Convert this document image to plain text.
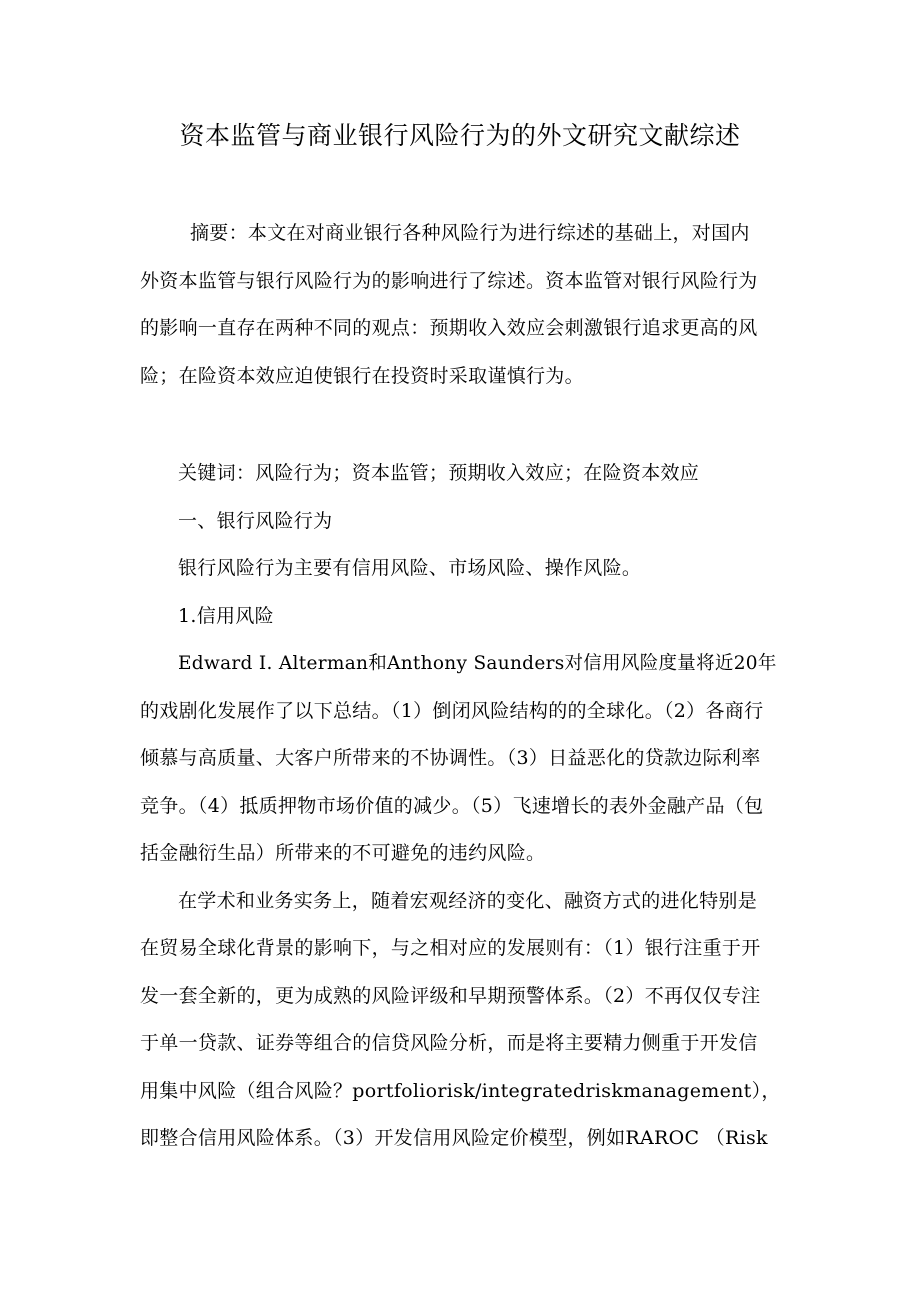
资本监管与商业银行风险行为的外文研究文献综述
摘要：本文在对商业银行各种风险行为进行综述的基础上，对国内
外资本监管与银行风险行为的影响进行了综述。资本监管对银行风险行为
的影响一直存在两种不同的观点：预期收入效应会刺激银行追求更高的风
险；在险资本效应迫使银行在投资时采取谨慎行为。
关键词：风险行为；资本监管；预期收入效应；在险资本效应
一、银行风险行为
银行风险行为主要有信用风险、市场风险、操作风险。
1.信用风险
Edward I. Alterman和Anthony Saunders对信用风险度量将近20年
的戏剧化发展作了以下总结。（1）倒闭风险结构的的全球化。（2）各商行
倾慕与高质量、大客户所带来的不协调性。（3）日益恶化的贷款边际利率
竞争。（4）抵质押物市场价值的减少。（5）飞速增长的表外金融产品（包
括金融衍生品）所带来的不可避免的违约风险。
在学术和业务实务上，随着宏观经济的变化、融资方式的进化特别是
在贸易全球化背景的影响下，与之相对应的发展则有：（1）银行注重于开
发一套全新的，更为成熟的风险评级和早期预警体系。（2）不再仅仅专注
于单一贷款、证券等组合的信贷风险分析，而是将主要精力侧重于开发信
用集中风险（组合风险？portfoliorisk/integratedriskmanagement），
即整合信用风险体系。（3）开发信用风险定价模型，例如RAROC （Risk
